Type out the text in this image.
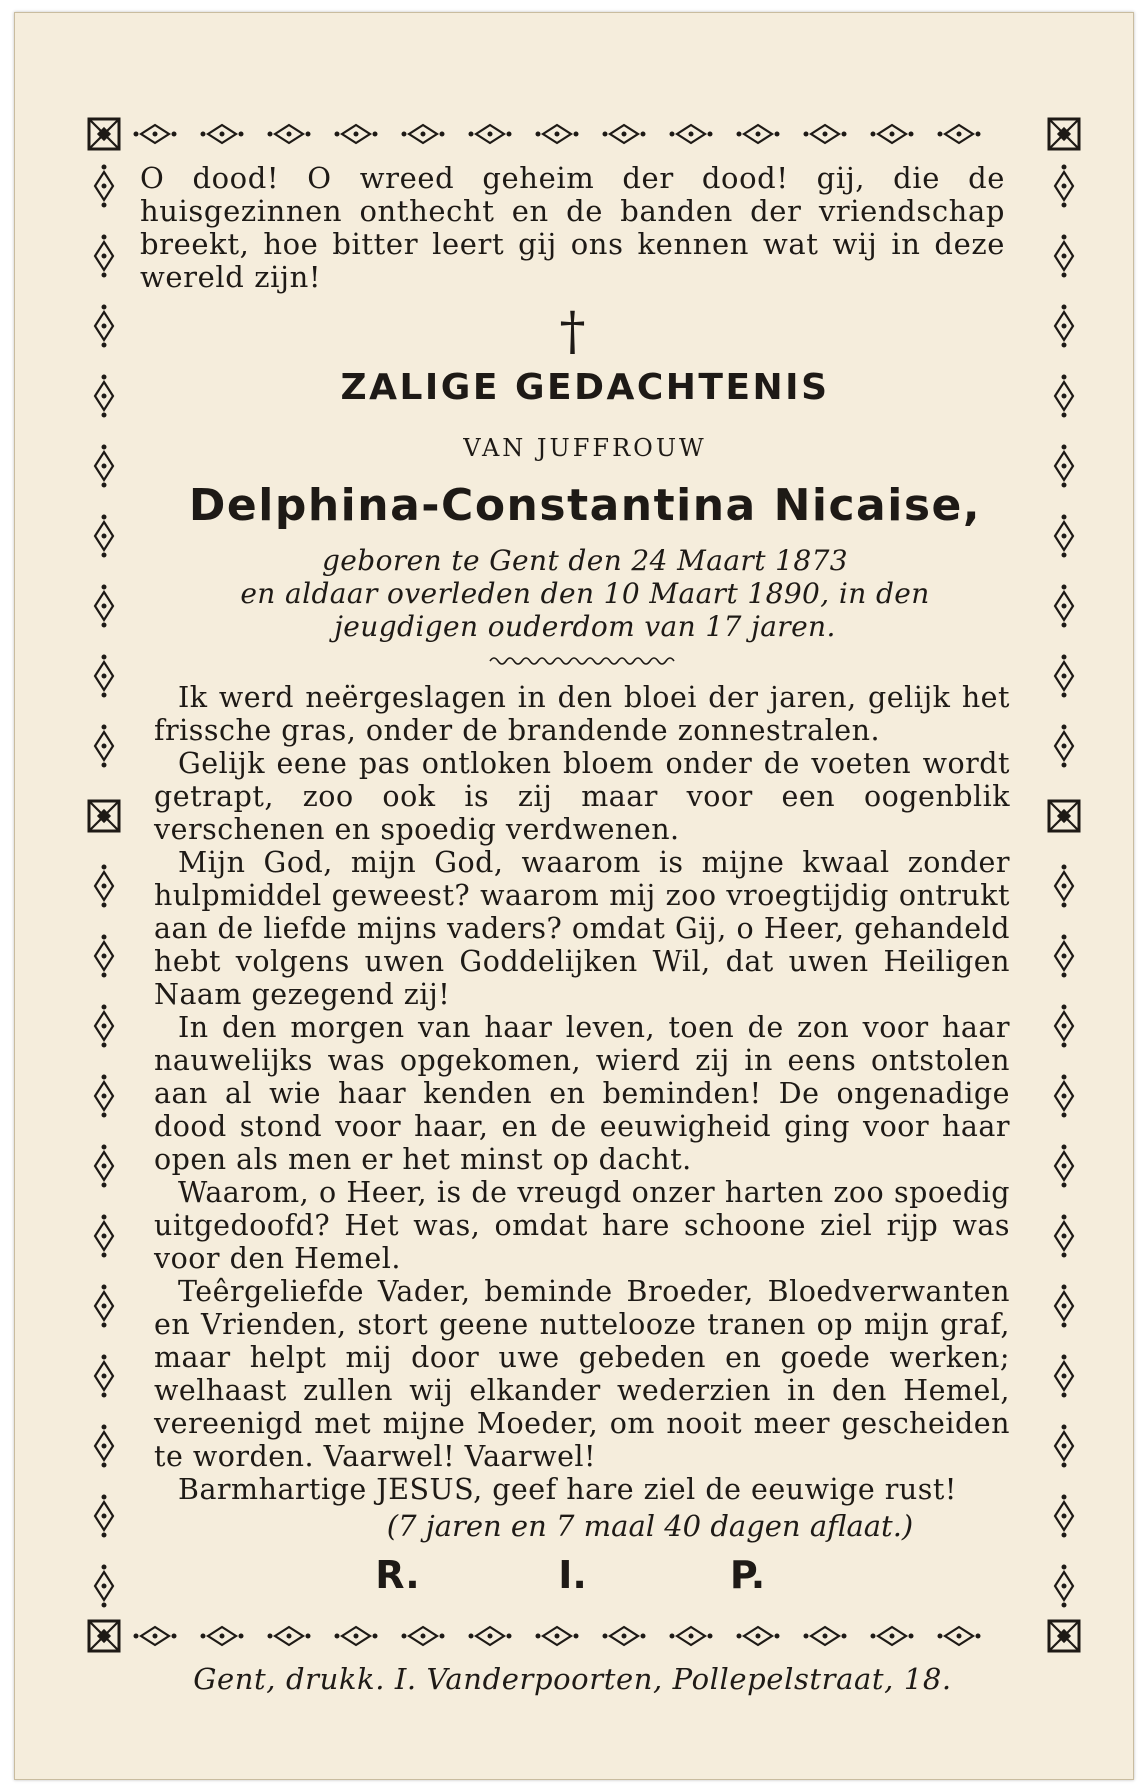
O dood! O wreed geheim der dood! gij, die de huisgezinnen onthecht en de banden der vriendschap breekt, hoe bitter leert gij ons kennen wat wij in deze wereld zijn!
†
ZALIGE GEDACHTENIS
VAN JUFFROUW
Delphina-Constantina Nicaise,
geboren te Gent den 24 Maart 1873
en aldaar overleden den 10 Maart 1890, in den
jeugdigen ouderdom van 17 jaren.

Ik werd neërgeslagen in den bloei der jaren, gelijk het frissche gras, onder de brandende zonnestralen.

Gelijk eene pas ontloken bloem onder de voeten wordt getrapt, zoo ook is zij maar voor een oogenblik verschenen en spoedig verdwenen.

Mijn God, mijn God, waarom is mijne kwaal zonder hulpmiddel geweest? waarom mij zoo vroegtijdig ontrukt aan de liefde mijns vaders? omdat Gij, o Heer, gehandeld hebt volgens uwen Goddelijken Wil, dat uwen Heiligen Naam gezegend zij!

In den morgen van haar leven, toen de zon voor haar nauwelijks was opgekomen, wierd zij in eens ontstolen aan al wie haar kenden en beminden! De ongenadige dood stond voor haar, en de eeuwigheid ging voor haar open als men er het minst op dacht.

Waarom, o Heer, is de vreugd onzer harten zoo spoedig uitgedoofd? Het was, omdat hare schoone ziel rijp was voor den Hemel.

Teêrgeliefde Vader, beminde Broeder, Bloedverwanten en Vrienden, stort geene nuttelooze tranen op mijn graf, maar helpt mij door uwe gebeden en goede werken; welhaast zullen wij elkander wederzien in den Hemel, vereenigd met mijne Moeder, om nooit meer gescheiden te worden. Vaarwel! Vaarwel!

Barmhartige JESUS, geef hare ziel de eeuwige rust!

(7 jaren en 7 maal 40 dagen aflaat.)
R.	I.	P.
Gent, drukk. I. Vanderpoorten, Pollepelstraat, 18.
